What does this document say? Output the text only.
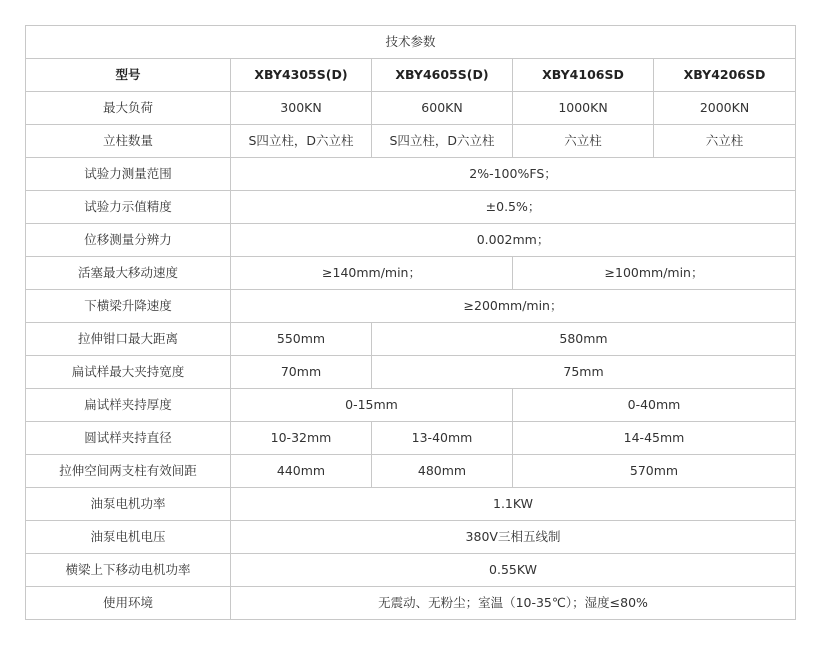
技术参数				
型号	XBY4305S(D)	XBY4605S(D)	XBY4106SD	XBY4206SD
最大负荷	300KN	600KN	1000KN	2000KN
立柱数量	S四立柱，D六立柱	S四立柱，D六立柱	六立柱	六立柱
试验力测量范围	2%-100%FS；			
试验力示值精度	±0.5%；			
位移测量分辨力	0.002mm；			
活塞最大移动速度	≥140mm/min；		≥100mm/min；	
下横梁升降速度	≥200mm/min；			
拉伸钳口最大距离	550mm	580mm		
扁试样最大夹持宽度	70mm	75mm		
扁试样夹持厚度	0-15mm		0-40mm	
圆试样夹持直径	10-32mm	13-40mm	14-45mm	
拉伸空间两支柱有效间距	440mm	480mm	570mm	
油泵电机功率	1.1KW			
油泵电机电压	380V三相五线制			
横梁上下移动电机功率	0.55KW			
使用环境	无震动、无粉尘；室温（10-35℃）；湿度≤80%			
